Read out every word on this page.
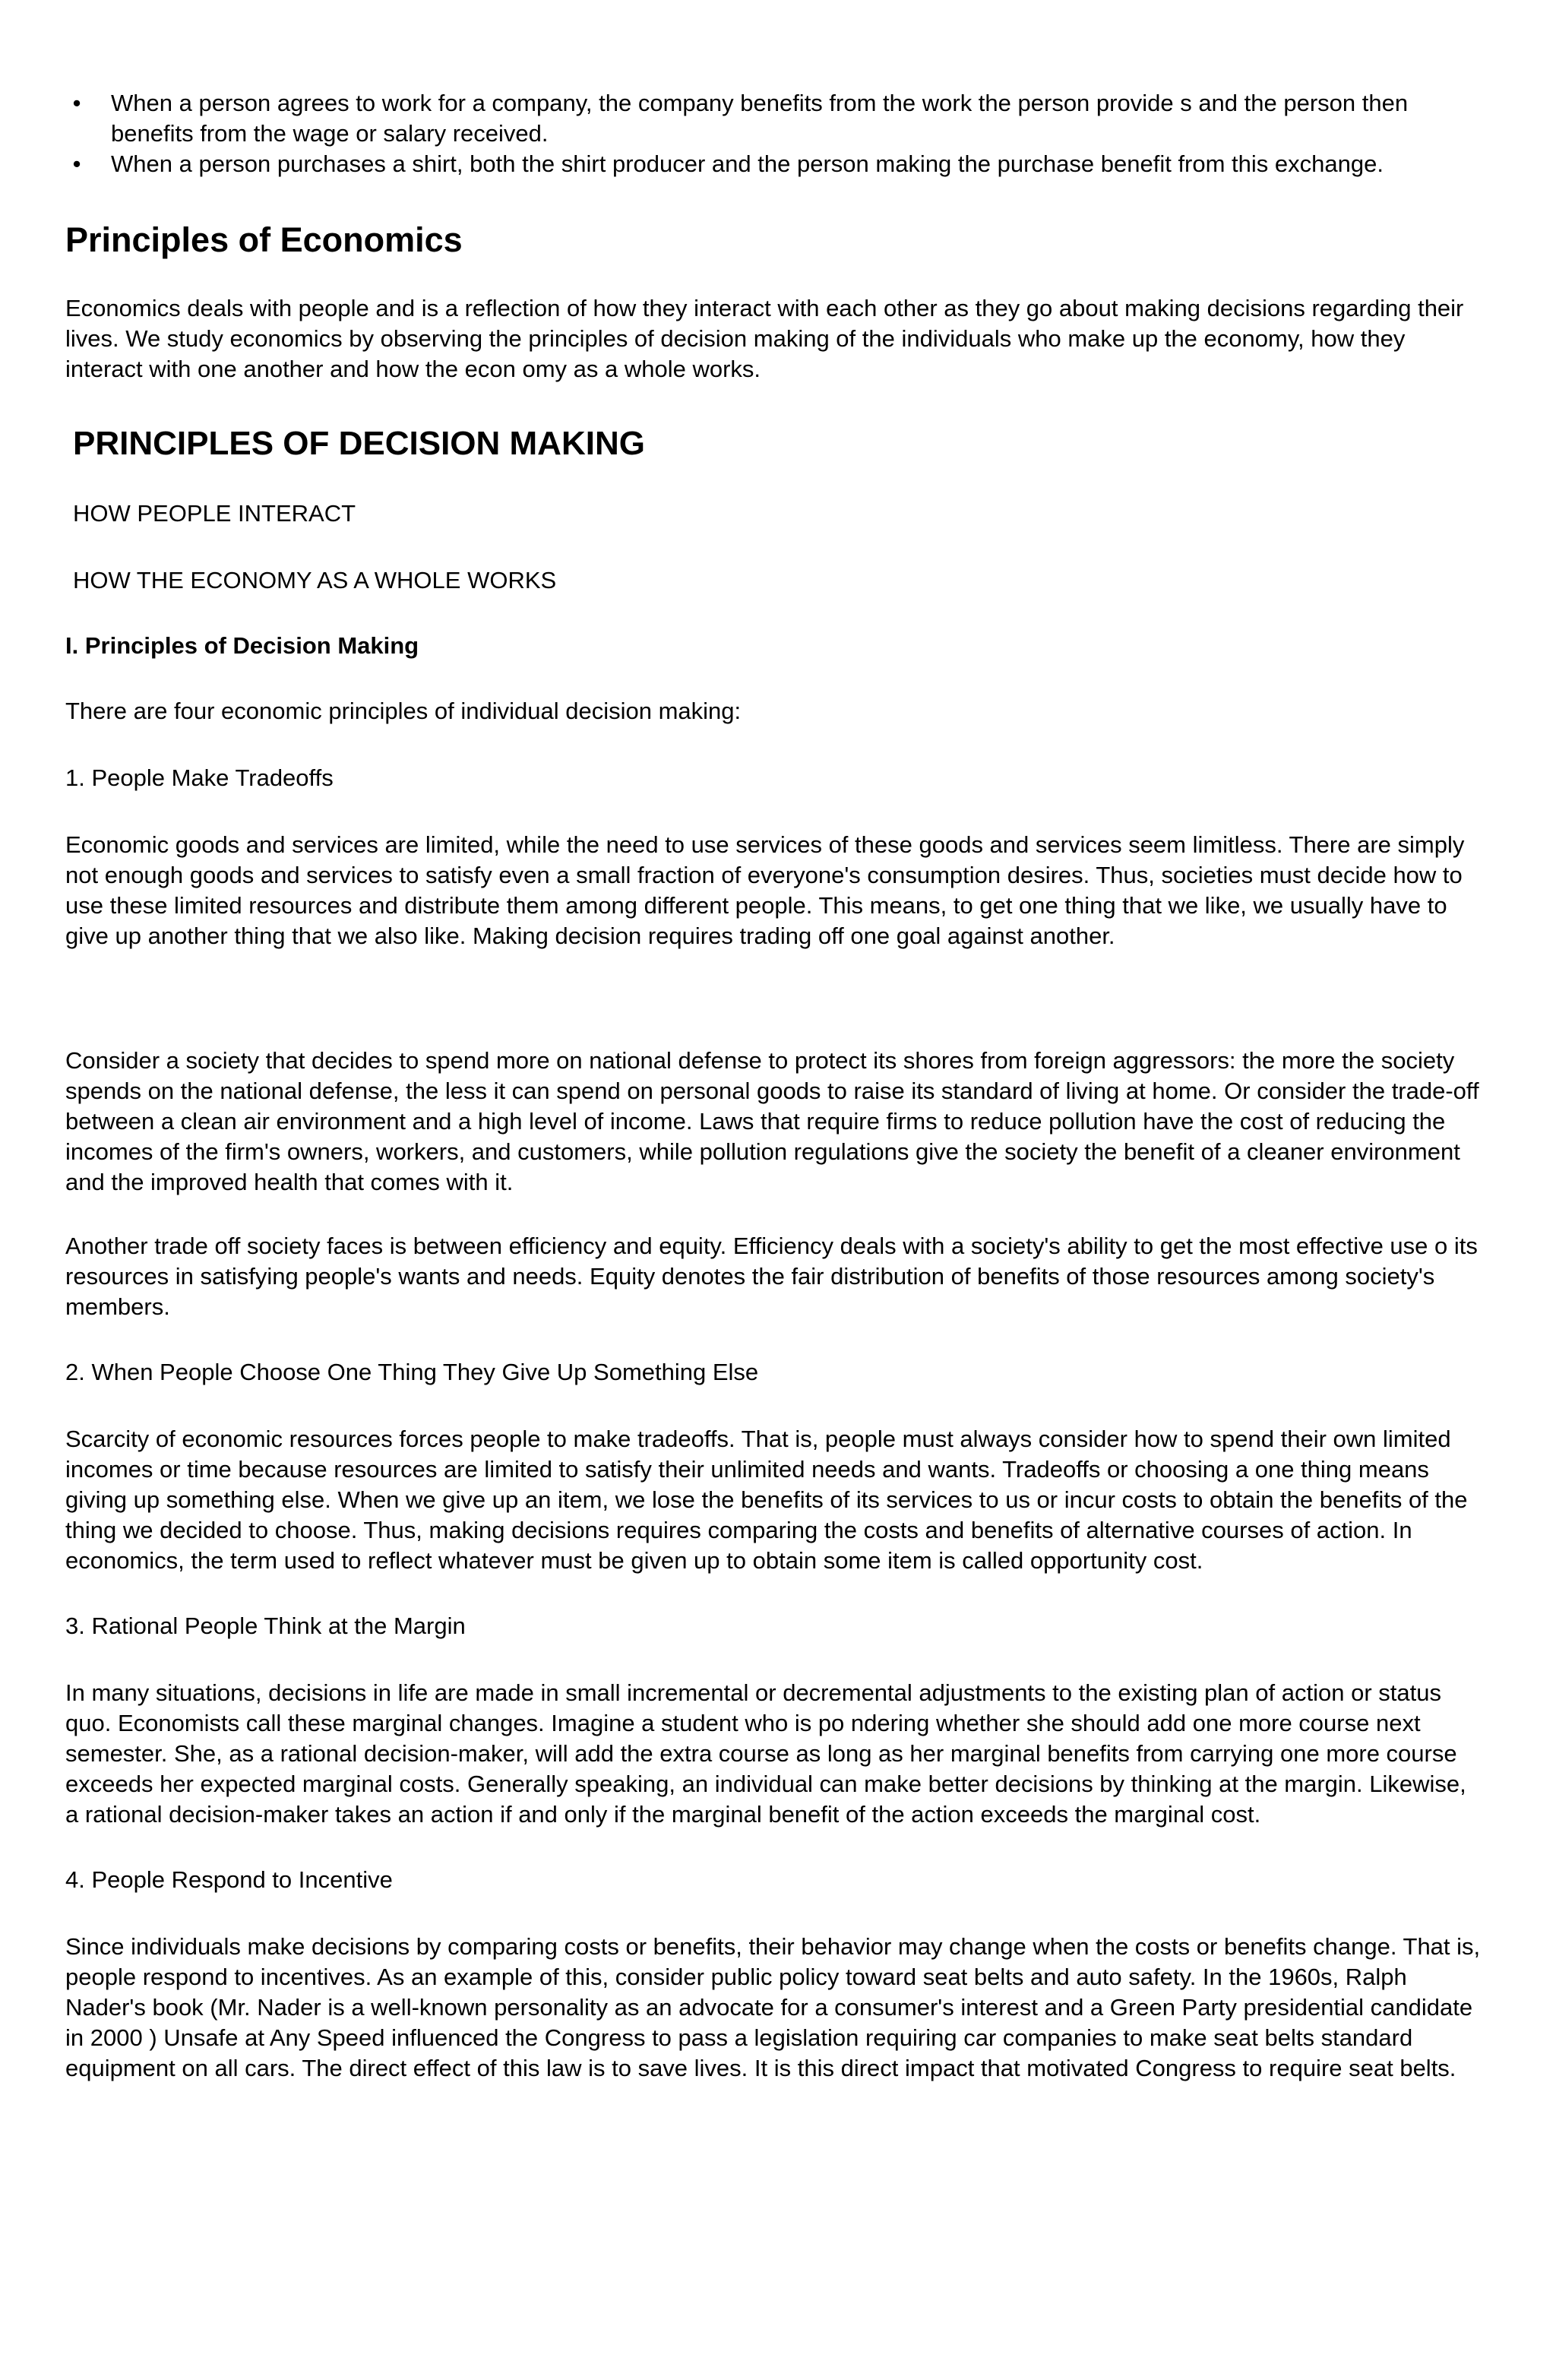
•	When a person agrees to work for a company, the company benefits from the work the person provide s and the person then benefits from the wage or salary received.
•	When a person purchases a shirt, both the shirt producer and the person making the purchase benefit from this exchange.
Principles of Economics

Economics deals with people and is a reflection of how they interact with each other as they go about making decisions regarding their lives. We study economics by observing the principles of decision making of the individuals who make up the economy, how they interact with one another and how the econ omy as a whole works.

PRINCIPLES OF DECISION MAKING

HOW PEOPLE INTERACT

HOW THE ECONOMY AS A WHOLE WORKS

I. Principles of Decision Making

There are four economic principles of individual decision making:

1. People Make Tradeoffs

Economic goods and services are limited, while the need to use services of these goods and services seem limitless. There are simply not enough goods and services to satisfy even a small fraction of everyone's consumption desires. Thus, societies must decide how to use these limited resources and distribute them among different people. This means, to get one thing that we like, we usually have to give up another thing that we also like. Making decision requires trading off one goal against another.

Consider a society that decides to spend more on national defense to protect its shores from foreign aggressors: the more the society spends on the national defense, the less it can spend on personal goods to raise its standard of living at home. Or consider the trade-off between a clean air environment and a high level of income. Laws that require firms to reduce pollution have the cost of reducing the incomes of the firm's owners, workers, and customers, while pollution regulations give the society the benefit of a cleaner environment and the improved health that comes with it.

Another trade off society faces is between efficiency and equity. Efficiency deals with a society's ability to get the most effective use o its resources in satisfying people's wants and needs. Equity denotes the fair distribution of benefits of those resources among society's members.

2. When People Choose One Thing They Give Up Something Else

Scarcity of economic resources forces people to make tradeoffs. That is, people must always consider how to spend their own limited incomes or time because resources are limited to satisfy their unlimited needs and wants. Tradeoffs or choosing a one thing means giving up something else. When we give up an item, we lose the benefits of its services to us or incur costs to obtain the benefits of the thing we decided to choose. Thus, making decisions requires comparing the costs and benefits of alternative courses of action. In economics, the term used to reflect whatever must be given up to obtain some item is called opportunity cost.

3. Rational People Think at the Margin

In many situations, decisions in life are made in small incremental or decremental adjustments to the existing plan of action or status quo. Economists call these marginal changes. Imagine a student who is po ndering whether she should add one more course next semester. She, as a rational decision-maker, will add the extra course as long as her marginal benefits from carrying one more course exceeds her expected marginal costs. Generally speaking, an individual can make better decisions by thinking at the margin. Likewise, a rational decision-maker takes an action if and only if the marginal benefit of the action exceeds the marginal cost.

4. People Respond to Incentive

Since individuals make decisions by comparing costs or benefits, their behavior may change when the costs or benefits change. That is, people respond to incentives. As an example of this, consider public policy toward seat belts and auto safety. In the 1960s, Ralph Nader's book (Mr. Nader is a well-known personality as an advocate for a consumer's interest and a Green Party presidential candidate in 2000 ) Unsafe at Any Speed influenced the Congress to pass a legislation requiring car companies to make seat belts standard equipment on all cars. The direct effect of this law is to save lives. It is this direct impact that motivated Congress to require seat belts.
